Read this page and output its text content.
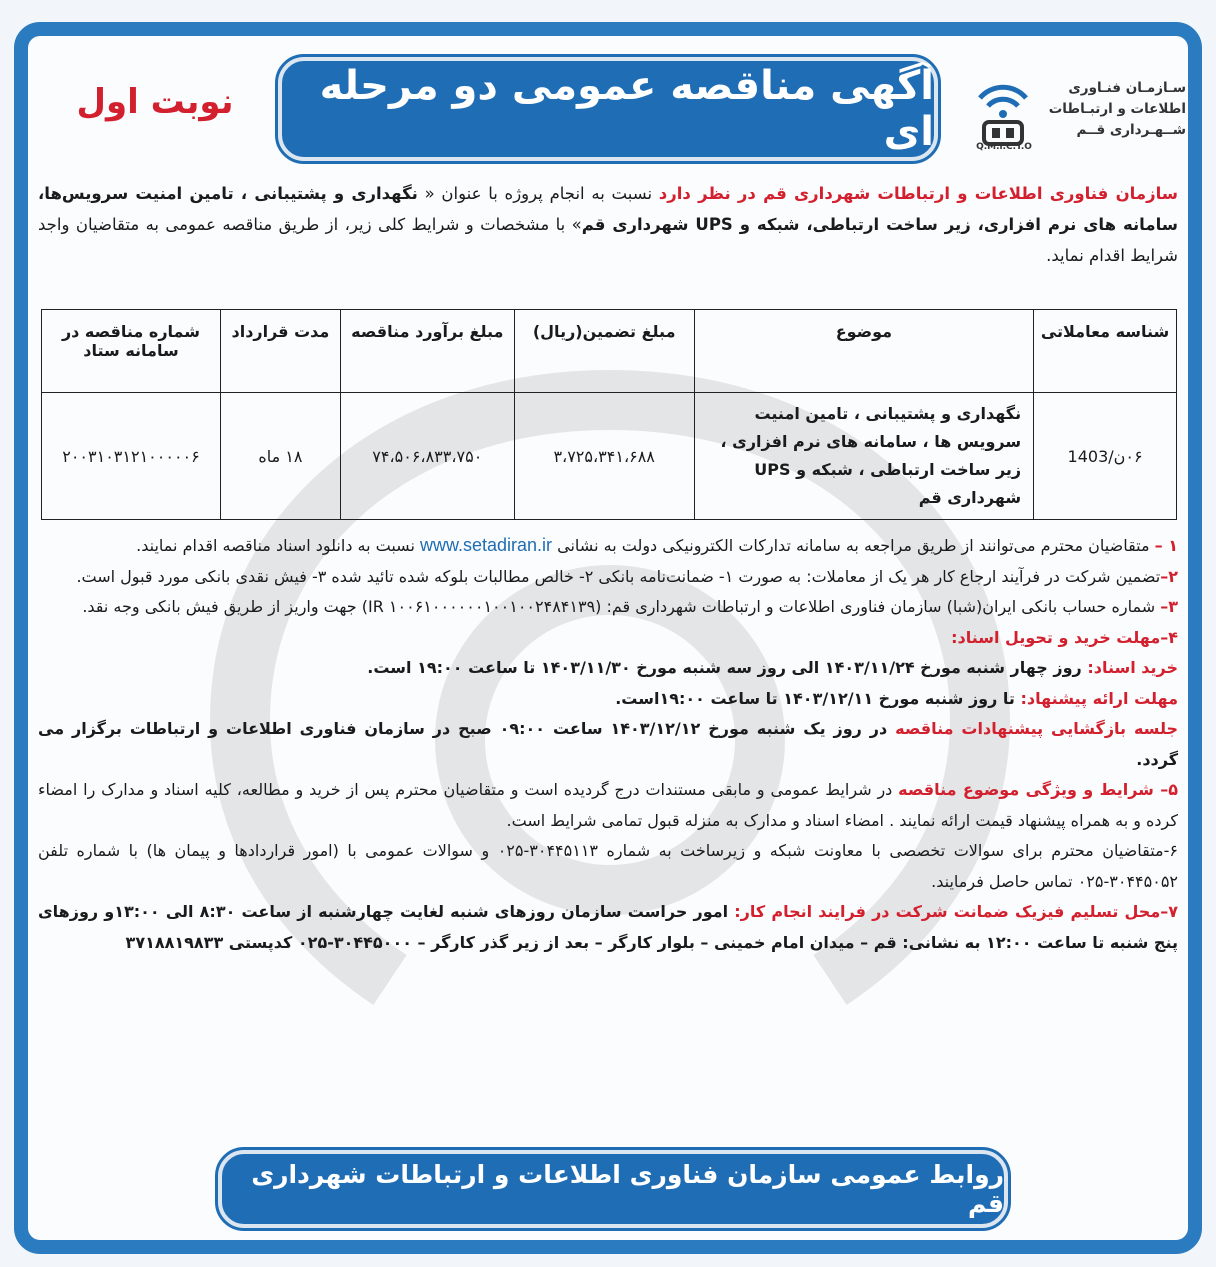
سـازمـان فنـاوری
اطلاعات و ارتبـاطات
شــهـرداری قــم
Q.M.i.C.T.O
آگهی مناقصه عمومی دو مرحله ای
نوبت اول
سازمان فناوری اطلاعات و ارتباطات شهرداری قم در نظر دارد نسبت به انجام پروژه با عنوان « نگهداری و پشتیبانی ، تامین امنیت سرویس‌ها، سامانه های نرم افزاری، زیر ساخت ارتباطی، شبکه و UPS شهرداری قم» با مشخصات و شرایط کلی زیر، از طریق مناقصه عمومی به متقاضیان واجد شرایط اقدام نماید.
شناسه معاملاتی	موضوع	مبلغ تضمین(ریال)	مبلغ برآورد مناقصه	مدت قرارداد	شماره مناقصه در سامانه ستاد
۰۶ن/1403	نگهداری و پشتیبانی ، تامین امنیت سرویس ها ، سامانه های نرم افزاری ، زیر ساخت ارتباطی ، شبکه و UPS شهرداری قم	۳،۷۲۵،۳۴۱،۶۸۸	۷۴،۵۰۶،۸۳۳،۷۵۰	۱۸ ماه	۲۰۰۳۱۰۳۱۲۱۰۰۰۰۰۶

۱ – متقاضیان محترم می‌توانند از طریق مراجعه به سامانه تدارکات الکترونیکی دولت به نشانی www.setadiran.ir نسبت به دانلود اسناد مناقصه اقدام نمایند.

۲–تضمین شرکت در فرآیند ارجاع کار هر یک از معاملات: به صورت ۱- ضمانت‌نامه بانکی ۲- خالص مطالبات بلوکه شده تائید شده ۳- فیش نقدی بانکی مورد قبول است.

۳– شماره حساب بانکی ایران(شبا) سازمان فناوری اطلاعات و ارتباطات شهرداری قم: (IR ۱۰۰۶۱۰۰۰۰۰۰۱۰۰۱۰۰۲۴۸۴۱۳۹) جهت واریز از طریق فیش بانکی وجه نقد.

۴–مهلت خرید و تحویل اسناد:

خرید اسناد: روز چهار شنبه مورخ ۱۴۰۳/۱۱/۲۴ الی روز سه شنبه مورخ ۱۴۰۳/۱۱/۳۰ تا ساعت ۱۹:۰۰ است.

مهلت ارائه پیشنهاد: تا روز شنبه مورخ ۱۴۰۳/۱۲/۱۱ تا ساعت ۱۹:۰۰است.

جلسه بازگشایی پیشنهادات مناقصه در روز یک شنبه مورخ ۱۴۰۳/۱۲/۱۲ ساعت ۰۹:۰۰ صبح در سازمان فناوری اطلاعات و ارتباطات برگزار می گردد.

۵– شرایط و ویژگی موضوع مناقصه در شرایط عمومی و مابقی مستندات درج گردیده است و متقاضیان محترم پس از خرید و مطالعه، کلیه اسناد و مدارک را امضاء کرده و به همراه پیشنهاد قیمت ارائه نمایند . امضاء اسناد و مدارک به منزله قبول تمامی شرایط است.

۶-متقاضیان محترم برای سوالات تخصصی با معاونت شبکه و زیرساخت به شماره ۳۰۴۴۵۱۱۳-۰۲۵ و سوالات عمومی با (امور قراردادها و پیمان ها) با شماره تلفن ۳۰۴۴۵۰۵۲-۰۲۵ تماس حاصل فرمایند.

۷–محل تسلیم فیزیک ضمانت شرکت در فرایند انجام کار: امور حراست سازمان روزهای شنبه لغایت چهارشنبه از ساعت ۸:۳۰ الی ۱۳:۰۰و روزهای پنج شنبه تا ساعت ۱۲:۰۰ به نشانی: قم – میدان امام خمینی – بلوار کارگر – بعد از زیر گذر کارگر – ۳۰۴۴۵۰۰۰-۰۲۵ کدپستی ۳۷۱۸۸۱۹۸۳۳

روابط عمومی سازمان فناوری اطلاعات و ارتباطات شهرداری قم
